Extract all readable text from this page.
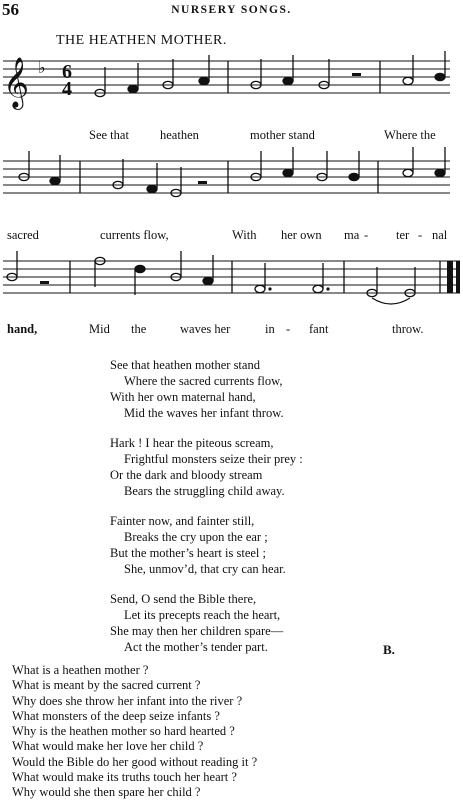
56	NURSERY SONGS.
THE HEATHEN MOTHER.
𝄞 ♭ 6
4
See that heathen	mother stand	Where the
sacred	currents flow,	With her own ma - ter - nal
hand,	Mid the	waves her	in - fant	throw.
See that heathen mother stand
Where the sacred currents flow,
With her own maternal hand,
Mid the waves her infant throw.
Hark ! I hear the piteous scream,
Frightful monsters seize their prey :
Or the dark and bloody stream
Bears the struggling child away.
Fainter now, and fainter still,
Breaks the cry upon the ear ;
But the mother’s heart is steel ;
She, unmov’d, that cry can hear.
Send, O send the Bible there,
Let its precepts reach the heart,
She may then her children spare—
Act the mother’s tender part.	B.
What is a heathen mother ?
What is meant by the sacred current ?
Why does she throw her infant into the river ?
What monsters of the deep seize infants ?
Why is the heathen mother so hard hearted ?
What would make her love her child ?
Would the Bible do her good without reading it ?
What would make its truths touch her heart ?
Why would she then spare her child ?
